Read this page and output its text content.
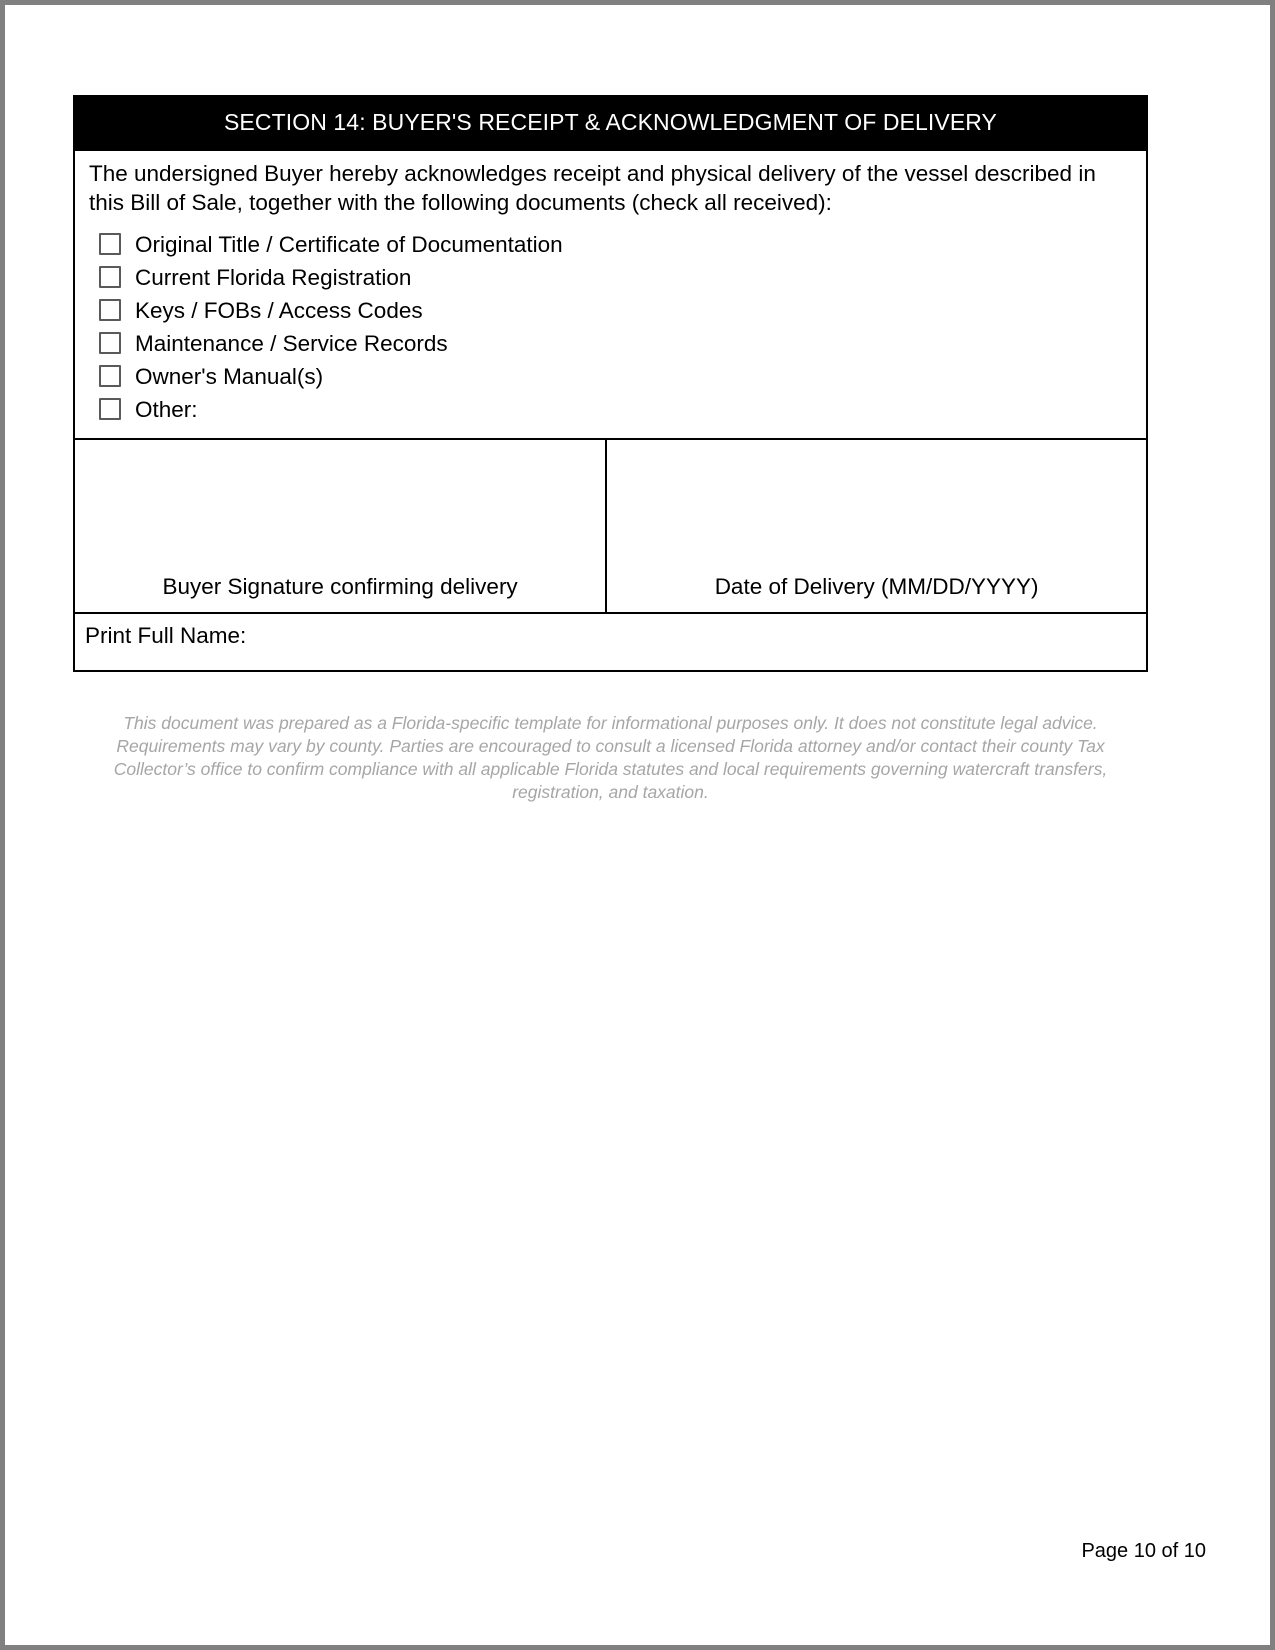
SECTION 14: BUYER'S RECEIPT & ACKNOWLEDGMENT OF DELIVERY

The undersigned Buyer hereby acknowledges receipt and physical delivery of the vessel described in this Bill of Sale, together with the following documents (check all received):

Original Title / Certificate of Documentation
Current Florida Registration
Keys / FOBs / Access Codes
Maintenance / Service Records
Owner's Manual(s)
Other:

Buyer Signature confirming delivery	Date of Delivery (MM/DD/YYYY)

Print Full Name:

This document was prepared as a Florida-specific template for informational purposes only. It does not constitute legal advice. Requirements may vary by county. Parties are encouraged to consult a licensed Florida attorney and/or contact their county Tax Collector’s office to confirm compliance with all applicable Florida statutes and local requirements governing watercraft transfers, registration, and taxation.

Page 10 of 10
